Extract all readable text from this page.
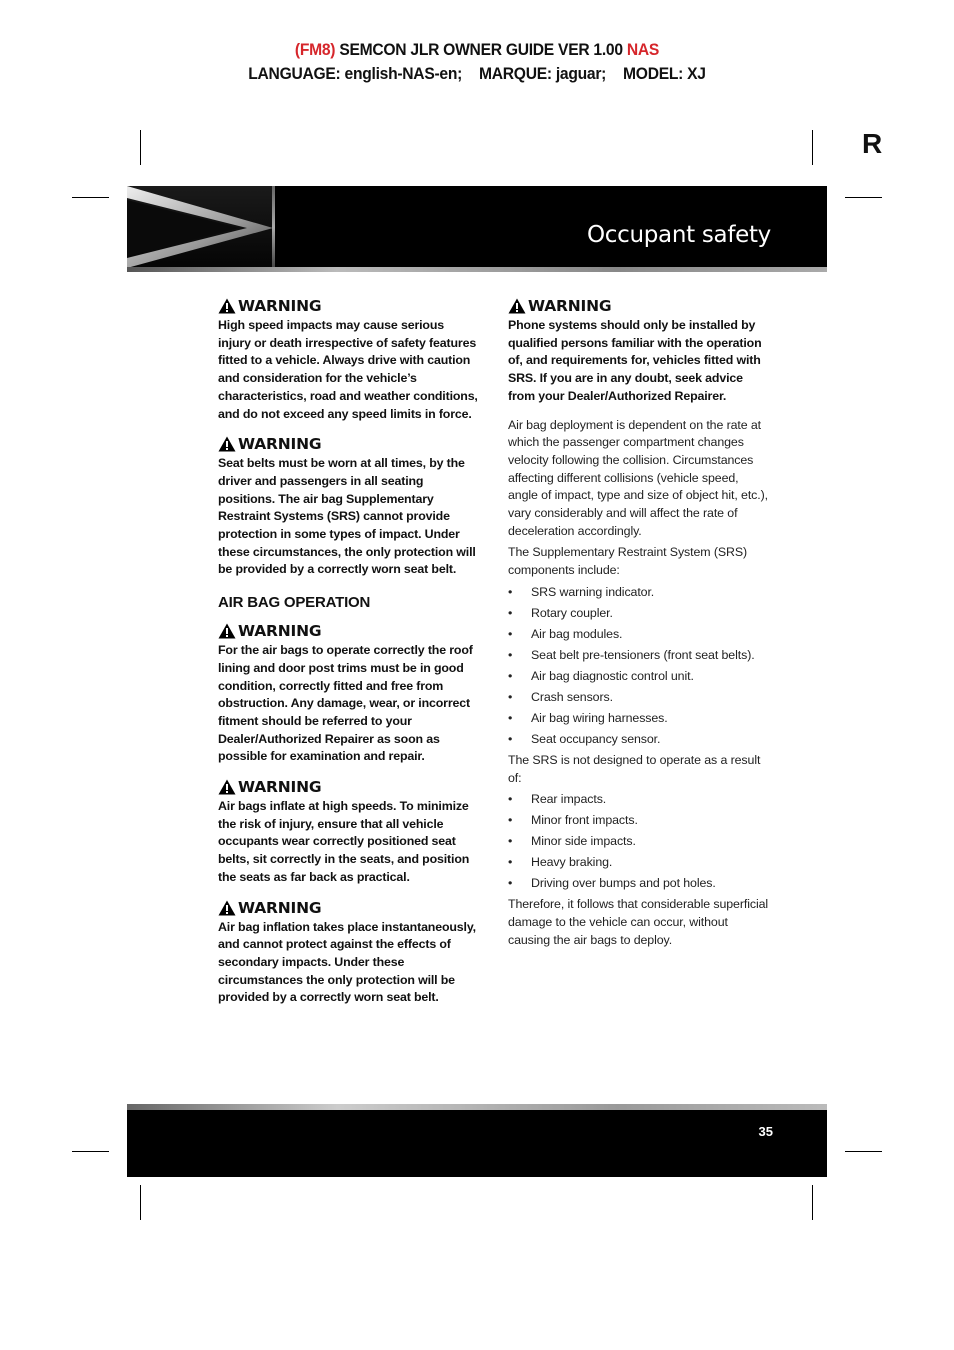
(FM8) SEMCON JLR OWNER GUIDE VER 1.00 NAS
LANGUAGE: english-NAS-en; MARQUE: jaguar; MODEL: XJ
R
Occupant safety
WARNING

High speed impacts may cause serious injury or death irrespective of safety features fitted to a vehicle. Always drive with caution and consideration for the vehicle’s characteristics, road and weather conditions, and do not exceed any speed limits in force.

WARNING

Seat belts must be worn at all times, by the driver and passengers in all seating positions. The air bag Supplementary Restraint Systems (SRS) cannot provide protection in some types of impact. Under these circumstances, the only protection will be provided by a correctly worn seat belt.

AIR BAG OPERATION
WARNING

For the air bags to operate correctly the roof lining and door post trims must be in good condition, correctly fitted and free from obstruction. Any damage, wear, or incorrect fitment should be referred to your Dealer/Authorized Repairer as soon as possible for examination and repair.

WARNING

Air bags inflate at high speeds. To minimize the risk of injury, ensure that all vehicle occupants wear correctly positioned seat belts, sit correctly in the seats, and position the seats as far back as practical.

WARNING

Air bag inflation takes place instantaneously, and cannot protect against the effects of secondary impacts. Under these circumstances the only protection will be provided by a correctly worn seat belt.

WARNING

Phone systems should only be installed by qualified persons familiar with the operation of, and requirements for, vehicles fitted with SRS. If you are in any doubt, seek advice from your Dealer/Authorized Repairer.

Air bag deployment is dependent on the rate at which the passenger compartment changes velocity following the collision. Circumstances affecting different collisions (vehicle speed, angle of impact, type and size of object hit, etc.), vary considerably and will affect the rate of deceleration accordingly.

The Supplementary Restraint System (SRS) components include:

• SRS warning indicator.
• Rotary coupler.
• Air bag modules.
• Seat belt pre-tensioners (front seat belts).
• Air bag diagnostic control unit.
• Crash sensors.
• Air bag wiring harnesses.
• Seat occupancy sensor.

The SRS is not designed to operate as a result of:

• Rear impacts.
• Minor front impacts.
• Minor side impacts.
• Heavy braking.
• Driving over bumps and pot holes.

Therefore, it follows that considerable superficial damage to the vehicle can occur, without causing the air bags to deploy.

35
